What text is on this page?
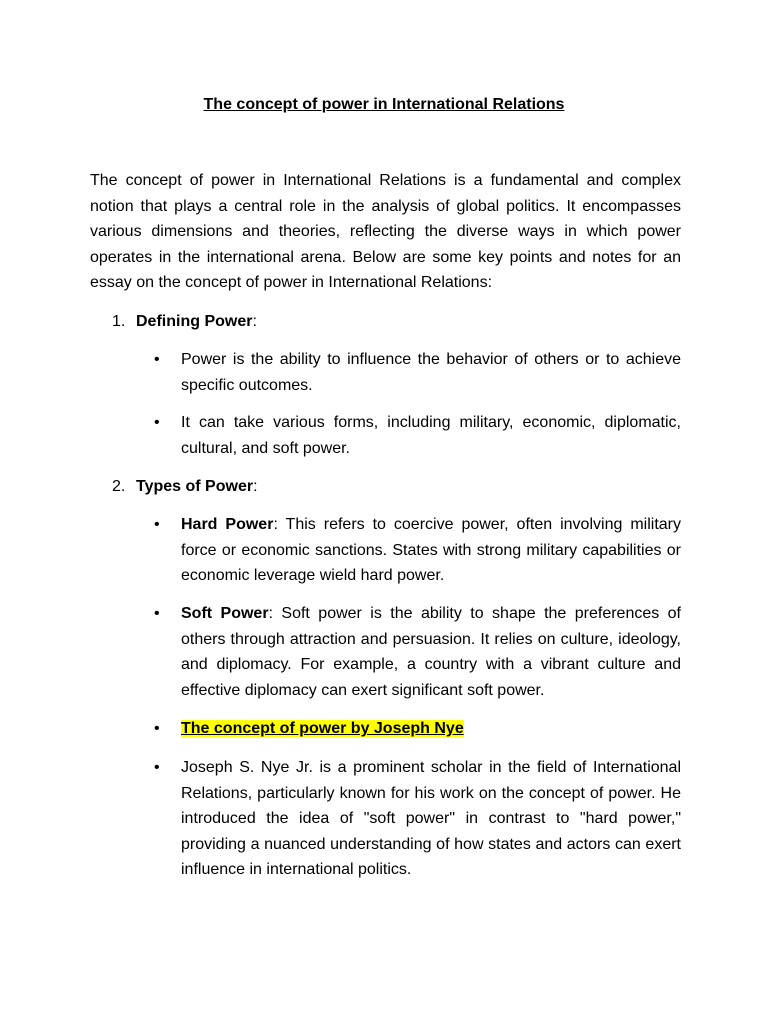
The concept of power in International Relations

The concept of power in International Relations is a fundamental and complex notion that plays a central role in the analysis of global politics. It encompasses various dimensions and theories, reflecting the diverse ways in which power operates in the international arena. Below are some key points and notes for an essay on the concept of power in International Relations:

1. Defining Power:
•	Power is the ability to influence the behavior of others or to achieve specific outcomes.
•	It can take various forms, including military, economic, diplomatic, cultural, and soft power.
2. Types of Power:
•	Hard Power: This refers to coercive power, often involving military force or economic sanctions. States with strong military capabilities or economic leverage wield hard power.
•	Soft Power: Soft power is the ability to shape the preferences of others through attraction and persuasion. It relies on culture, ideology, and diplomacy. For example, a country with a vibrant culture and effective diplomacy can exert significant soft power.
•	The concept of power by Joseph Nye
•	Joseph S. Nye Jr. is a prominent scholar in the field of International Relations, particularly known for his work on the concept of power. He introduced the idea of "soft power" in contrast to "hard power," providing a nuanced understanding of how states and actors can exert influence in international politics.
